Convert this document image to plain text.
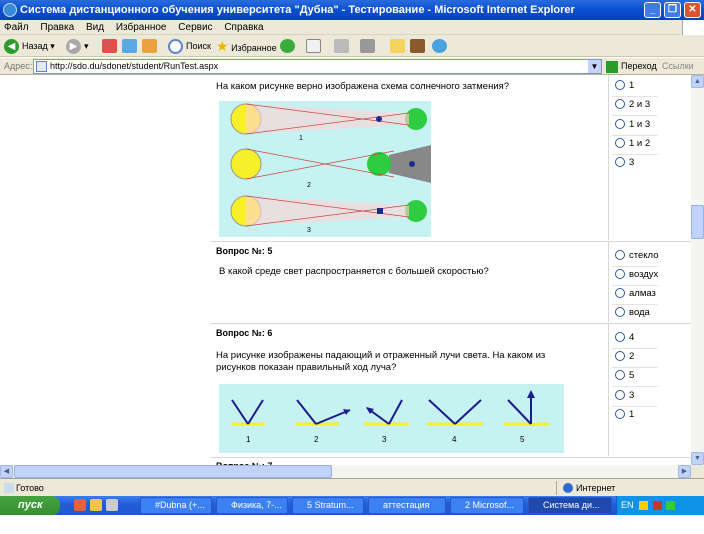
Система дистанционного обучения университета "Дубна" - Тестирование - Microsoft Internet Explorer	_	❐	✕
Файл Правка Вид Избранное Сервис Справка
◀ Назад ▾	▶ ▾	Поиск ★ Избранное
Адрес:	http://sdo.du/sdonet/student/RunTest.aspx	▼	Переход Ссылки
На каком рисунке верно изображена схема солнечного затмения?
1
2
3
1
2 и 3
1 и 3
1 и 2
3
Вопрос №: 5
В какой среде свет распространяется с большей скоростью?
стекло
воздух
алмаз
вода
Вопрос №: 6
На рисунке изображены падающий и отраженный лучи света. На каком из рисунков показан правильный ход луча?
1	2	3	4	5
4
2
5
3
1
▲
▼
◀	▶
Готово	Интернет
пуск	#Dubna (+...	Физика, 7-...	5 Stratum...	аттестация	2 Microsof...	Система ди...	EN    22:46
